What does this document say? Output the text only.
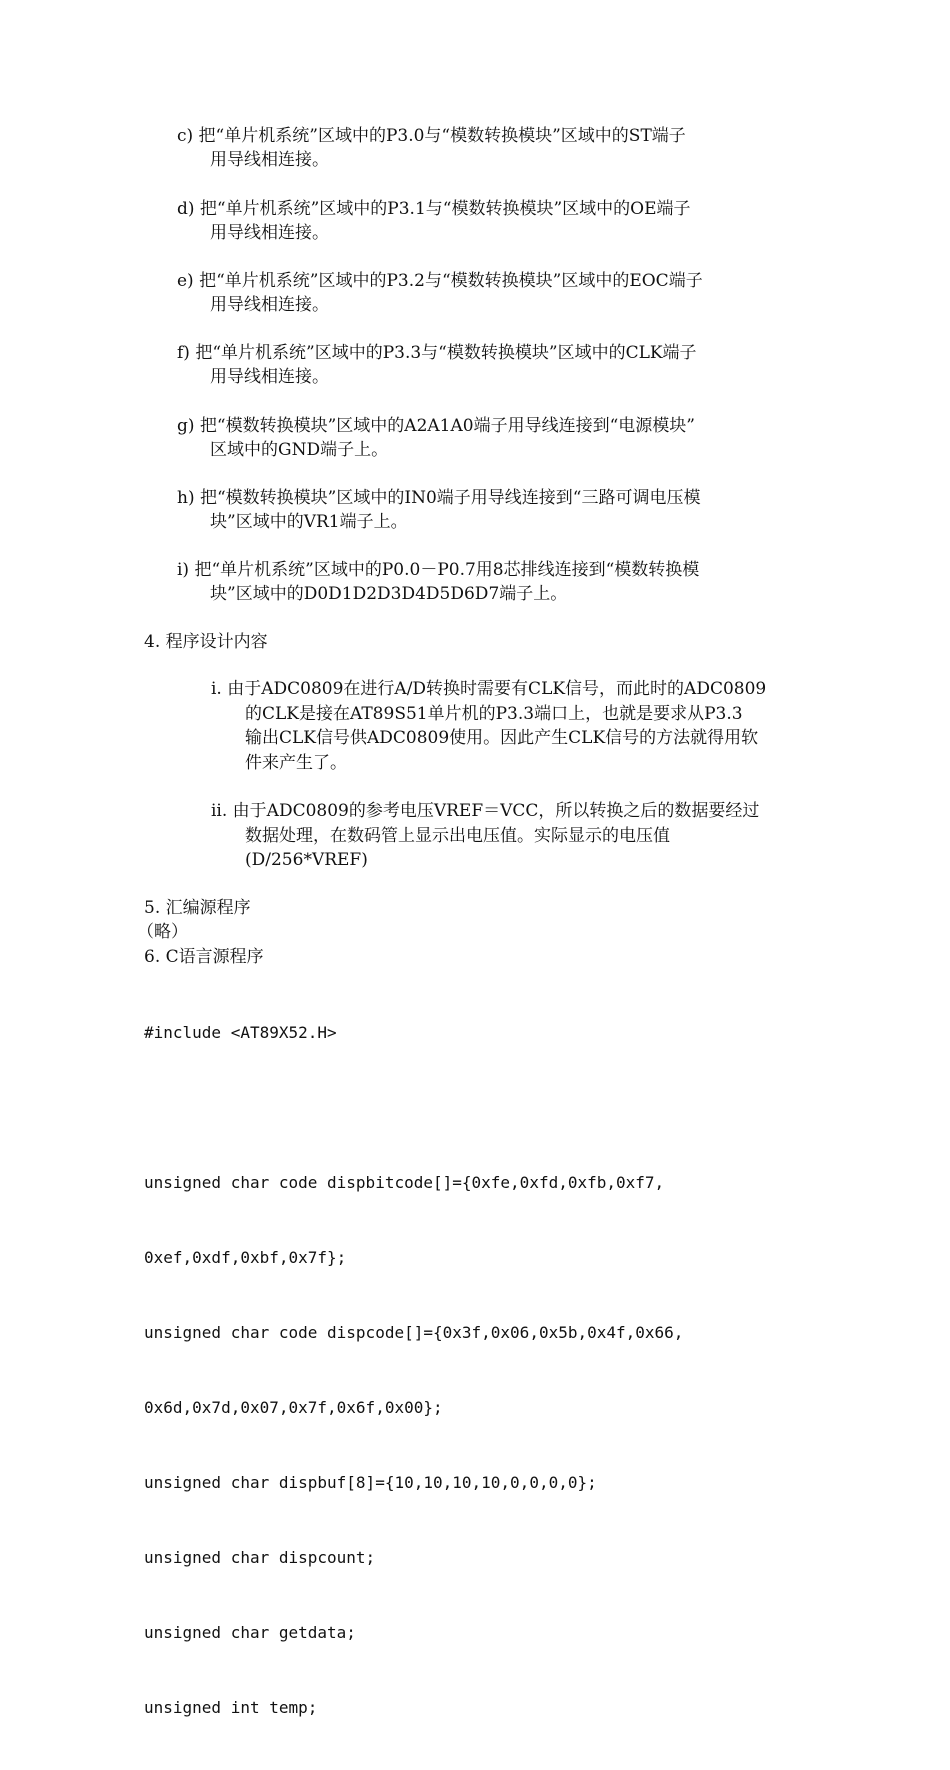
c) 把“单片机系统”区域中的P3.0与“模数转换模块”区域中的ST端子
用导线相连接。
d) 把“单片机系统”区域中的P3.1与“模数转换模块”区域中的OE端子
用导线相连接。
e) 把“单片机系统”区域中的P3.2与“模数转换模块”区域中的EOC端子
用导线相连接。
f) 把“单片机系统”区域中的P3.3与“模数转换模块”区域中的CLK端子
用导线相连接。
g) 把“模数转换模块”区域中的A2A1A0端子用导线连接到“电源模块”
区域中的GND端子上。
h) 把“模数转换模块”区域中的IN0端子用导线连接到“三路可调电压模
块”区域中的VR1端子上。
i) 把“单片机系统”区域中的P0.0－P0.7用8芯排线连接到“模数转换模
块”区域中的D0D1D2D3D4D5D6D7端子上。
4. 程序设计内容
i. 由于ADC0809在进行A/D转换时需要有CLK信号，而此时的ADC0809
的CLK是接在AT89S51单片机的P3.3端口上，也就是要求从P3.3
输出CLK信号供ADC0809使用。因此产生CLK信号的方法就得用软
件来产生了。
ii. 由于ADC0809的参考电压VREF＝VCC，所以转换之后的数据要经过
数据处理，在数码管上显示出电压值。实际显示的电压值
(D/256*VREF)
5. 汇编源程序
（略）
6. C语言源程序

#include <AT89X52.H>

unsigned char code dispbitcode[]={0xfe,0xfd,0xfb,0xf7,

0xef,0xdf,0xbf,0x7f};

unsigned char code dispcode[]={0x3f,0x06,0x5b,0x4f,0x66,

0x6d,0x7d,0x07,0x7f,0x6f,0x00};

unsigned char dispbuf[8]={10,10,10,10,0,0,0,0};

unsigned char dispcount;

unsigned char getdata;

unsigned int temp;
